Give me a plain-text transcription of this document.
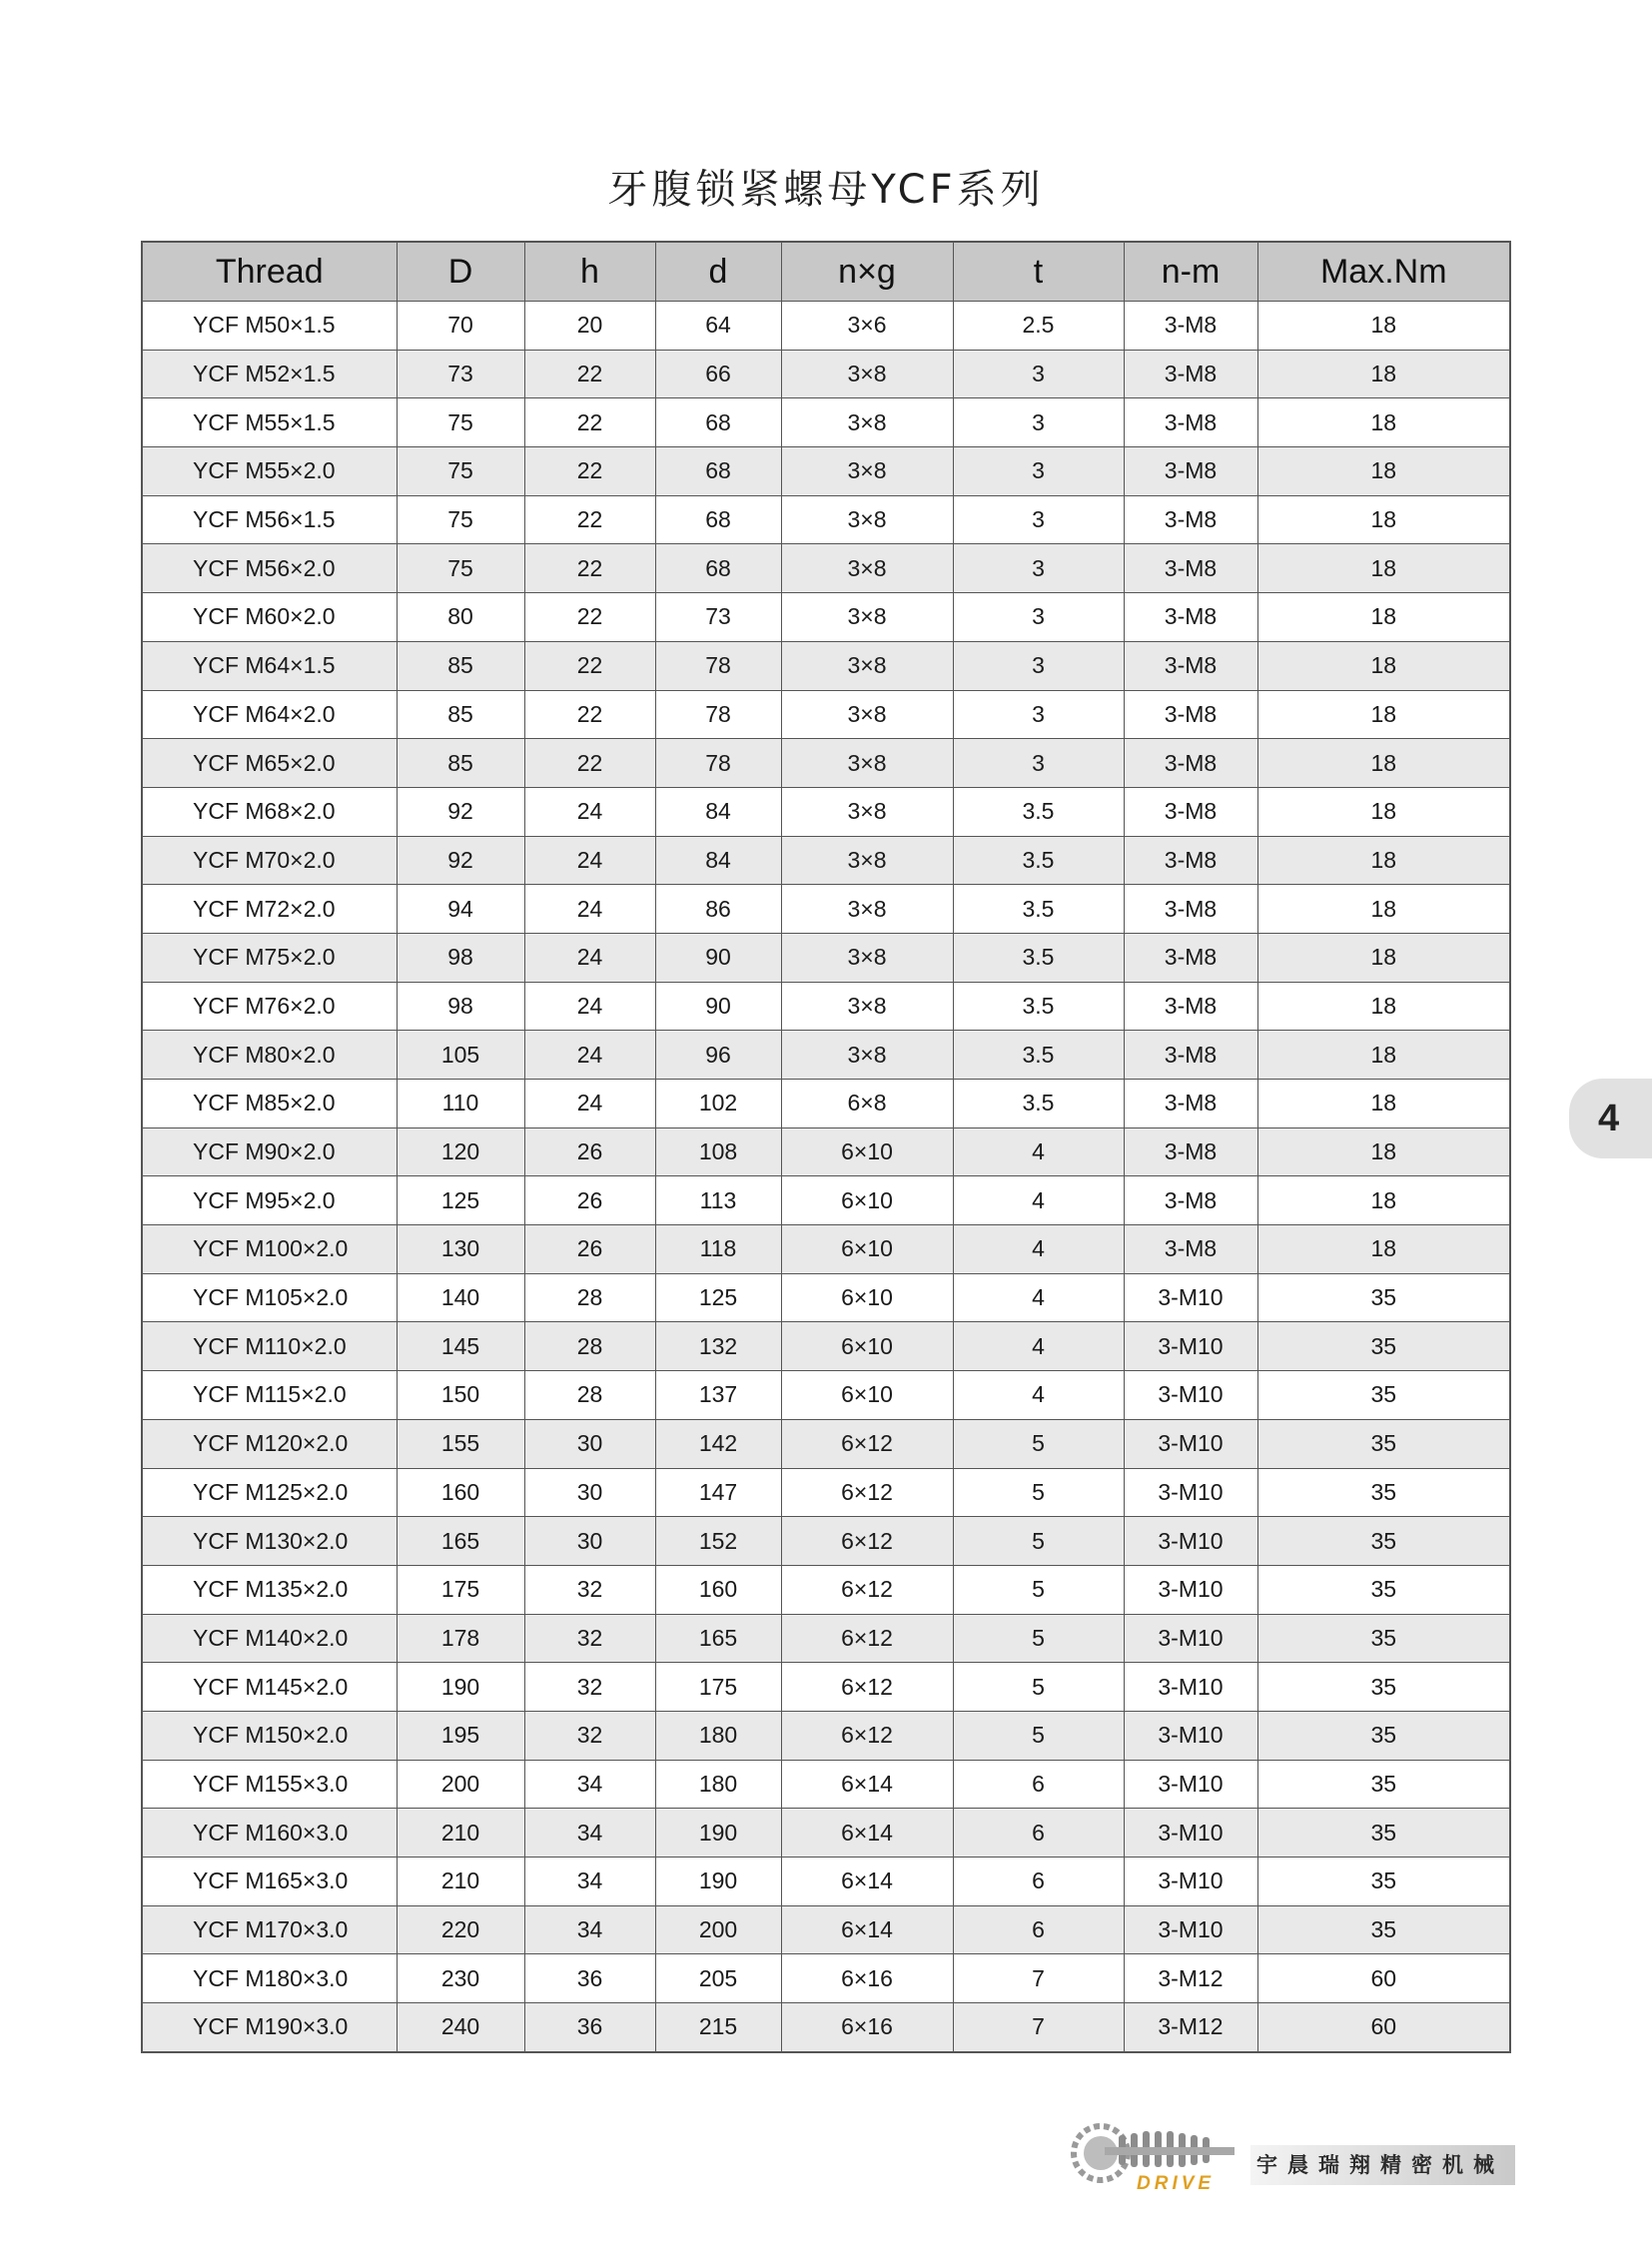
牙腹锁紧螺母YCF系列
Thread	D	h	d	n×g	t	n-m	Max.Nm
YCF M50×1.5	70	20	64	3×6	2.5	3-M8	18
YCF M52×1.5	73	22	66	3×8	3	3-M8	18
YCF M55×1.5	75	22	68	3×8	3	3-M8	18
YCF M55×2.0	75	22	68	3×8	3	3-M8	18
YCF M56×1.5	75	22	68	3×8	3	3-M8	18
YCF M56×2.0	75	22	68	3×8	3	3-M8	18
YCF M60×2.0	80	22	73	3×8	3	3-M8	18
YCF M64×1.5	85	22	78	3×8	3	3-M8	18
YCF M64×2.0	85	22	78	3×8	3	3-M8	18
YCF M65×2.0	85	22	78	3×8	3	3-M8	18
YCF M68×2.0	92	24	84	3×8	3.5	3-M8	18
YCF M70×2.0	92	24	84	3×8	3.5	3-M8	18
YCF M72×2.0	94	24	86	3×8	3.5	3-M8	18
YCF M75×2.0	98	24	90	3×8	3.5	3-M8	18
YCF M76×2.0	98	24	90	3×8	3.5	3-M8	18
YCF M80×2.0	105	24	96	3×8	3.5	3-M8	18
YCF M85×2.0	110	24	102	6×8	3.5	3-M8	18
YCF M90×2.0	120	26	108	6×10	4	3-M8	18
YCF M95×2.0	125	26	113	6×10	4	3-M8	18
YCF M100×2.0	130	26	118	6×10	4	3-M8	18
YCF M105×2.0	140	28	125	6×10	4	3-M10	35
YCF M110×2.0	145	28	132	6×10	4	3-M10	35
YCF M115×2.0	150	28	137	6×10	4	3-M10	35
YCF M120×2.0	155	30	142	6×12	5	3-M10	35
YCF M125×2.0	160	30	147	6×12	5	3-M10	35
YCF M130×2.0	165	30	152	6×12	5	3-M10	35
YCF M135×2.0	175	32	160	6×12	5	3-M10	35
YCF M140×2.0	178	32	165	6×12	5	3-M10	35
YCF M145×2.0	190	32	175	6×12	5	3-M10	35
YCF M150×2.0	195	32	180	6×12	5	3-M10	35
YCF M155×3.0	200	34	180	6×14	6	3-M10	35
YCF M160×3.0	210	34	190	6×14	6	3-M10	35
YCF M165×3.0	210	34	190	6×14	6	3-M10	35
YCF M170×3.0	220	34	200	6×14	6	3-M10	35
YCF M180×3.0	230	36	205	6×16	7	3-M12	60
YCF M190×3.0	240	36	215	6×16	7	3-M12	60
4
DRIVE
宇晨瑞翔精密机械
